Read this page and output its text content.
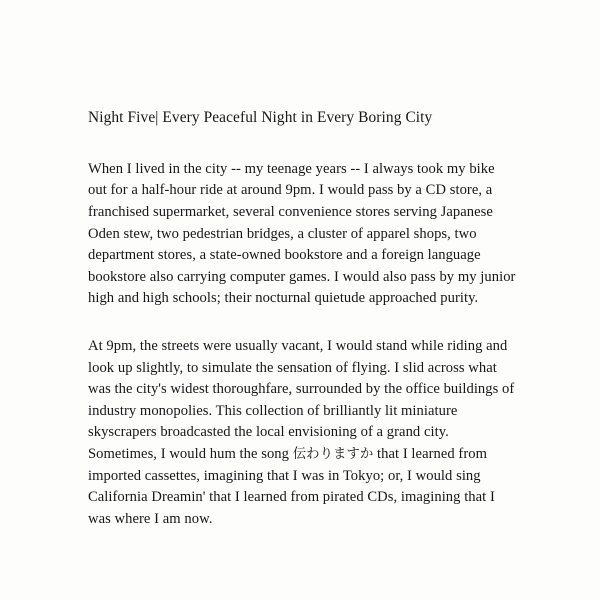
Night Five| Every Peaceful Night in Every Boring City

When I lived in the city -- my teenage years -- I always took my bike out for a half-hour ride at around 9pm. I would pass by a CD store, a franchised supermarket, several convenience stores serving Japanese Oden stew, two pedestrian bridges, a cluster of apparel shops, two department stores, a state-owned bookstore and a foreign language bookstore also carrying computer games. I would also pass by my junior high and high schools; their nocturnal quietude approached purity.

At 9pm, the streets were usually vacant, I would stand while riding and look up slightly, to simulate the sensation of flying. I slid across what was the city's widest thoroughfare, surrounded by the office buildings of industry monopolies. This collection of brilliantly lit miniature skyscrapers broadcasted the local envisioning of a grand city. Sometimes, I would hum the song 伝わりますか that I learned from imported cassettes, imagining that I was in Tokyo; or, I would sing California Dreamin' that I learned from pirated CDs, imagining that I was where I am now.
